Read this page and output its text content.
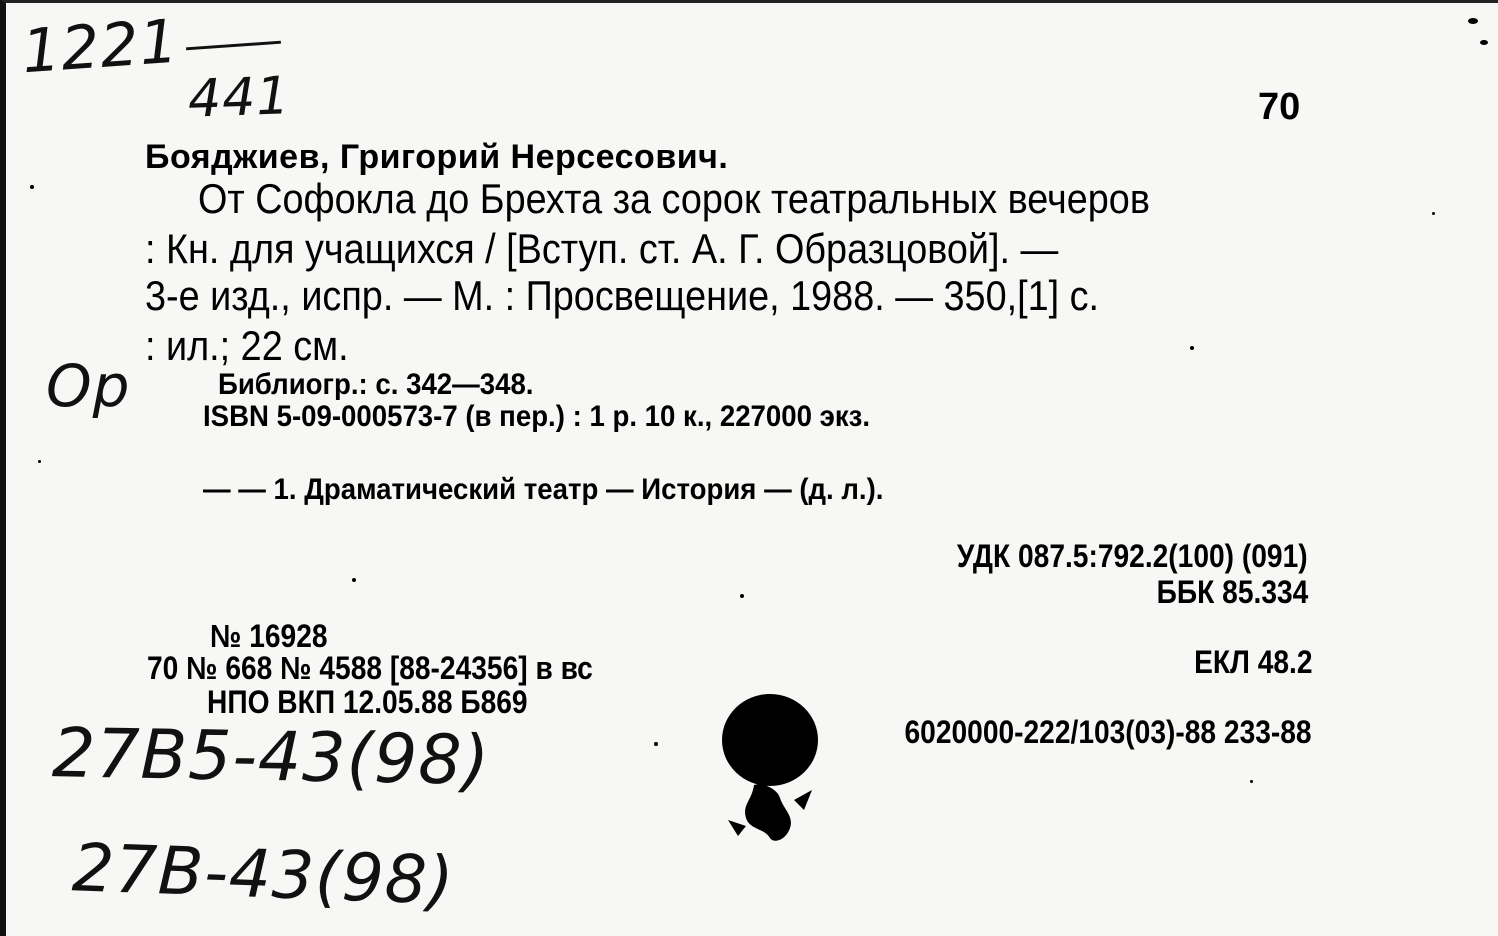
1221
441
Ор
27В5-43(98)
27В-43(98)
70
Бояджиев, Григорий Нерсесович.
От Софокла до Брехта за сорок театральных вечеров
: Кн. для учащихся / [Вступ. ст. А. Г. Образцовой]. —
3-е изд., испр. — М. : Просвещение, 1988. — 350,[1] с.
: ил.; 22 см.
Библиогр.: с. 342—348.
ISBN 5-09-000573-7 (в пер.) : 1 р. 10 к., 227000 экз.
— — 1. Драматический театр — История — (д. л.).
УДК 087.5:792.2(100) (091)
ББК 85.334
ЕКЛ 48.2
6020000-222/103(03)-88 233-88
№ 16928
70 № 668 № 4588 [88-24356] в вс
НПО ВКП 12.05.88 Б869
